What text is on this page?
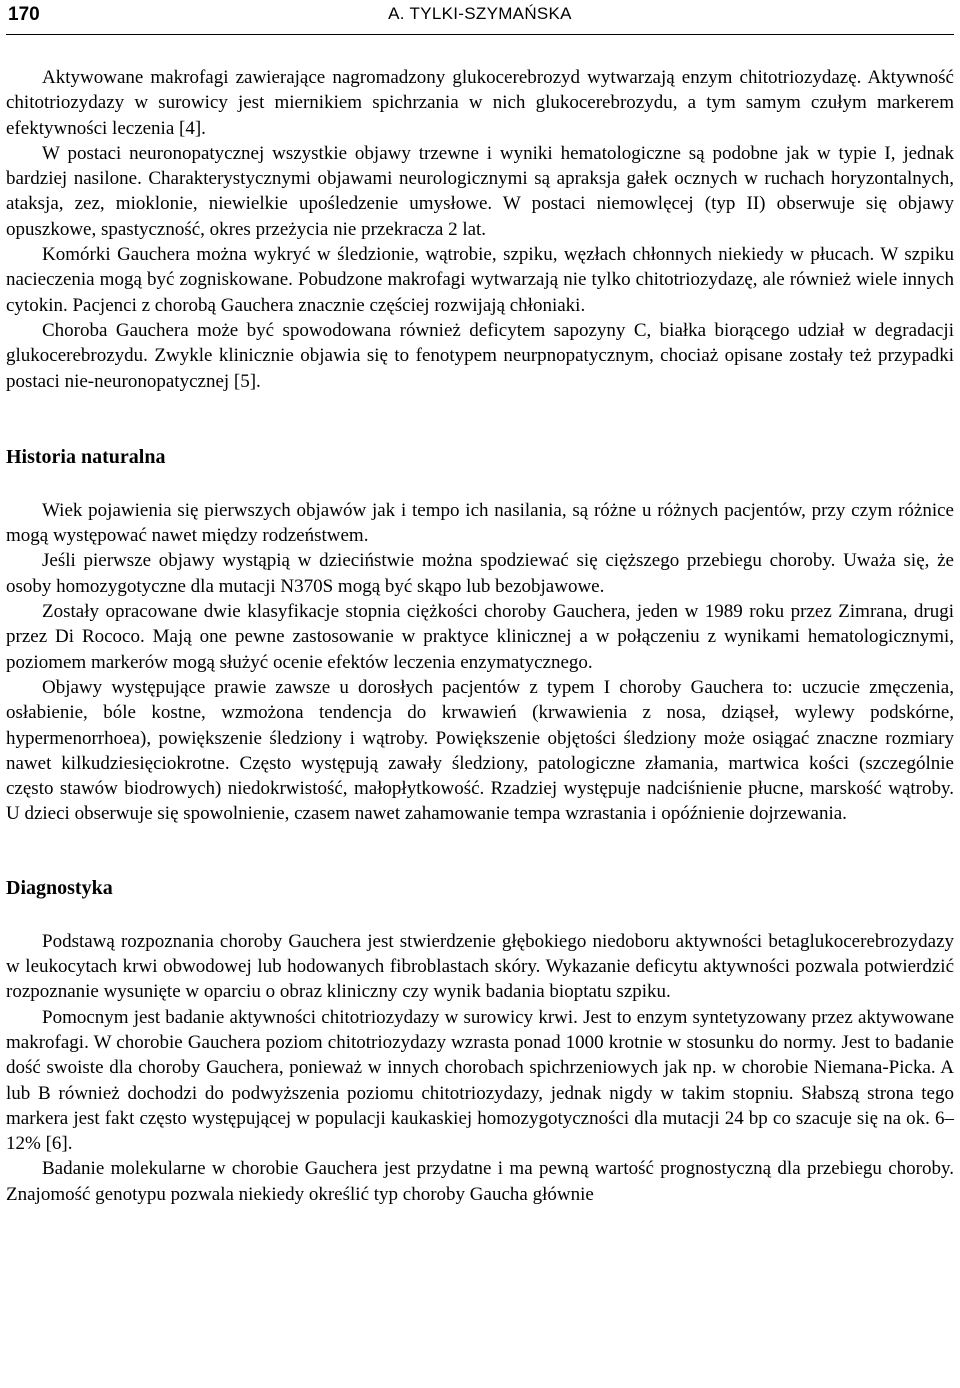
170	A. TYLKI-SZYMAŃSKA

Aktywowane makrofagi zawierające nagromadzony glukocerebrozyd wytwarzają enzym chitotriozydazę. Aktywność chitotriozydazy w surowicy jest miernikiem spichrzania w nich glukocerebrozydu, a tym samym czułym markerem efektywności leczenia [4].

W postaci neuronopatycznej wszystkie objawy trzewne i wyniki hematologiczne są podobne jak w typie I, jednak bardziej nasilone. Charakterystycznymi objawami neurologicznymi są apraksja gałek ocznych w ruchach horyzontalnych, ataksja, zez, mioklonie, niewielkie upośledzenie umysłowe. W postaci niemowlęcej (typ II) obserwuje się objawy opuszkowe, spastyczność, okres przeżycia nie przekracza 2 lat.

Komórki Gauchera można wykryć w śledzionie, wątrobie, szpiku, węzłach chłonnych niekiedy w płucach. W szpiku nacieczenia mogą być zogniskowane. Pobudzone makrofagi wytwarzają nie tylko chitotriozydazę, ale również wiele innych cytokin. Pacjenci z chorobą Gauchera znacznie częściej rozwijają chłoniaki.

Choroba Gauchera może być spowodowana również deficytem sapozyny C, białka biorącego udział w degradacji glukocerebrozydu. Zwykle klinicznie objawia się to fenotypem neurpnopatycznym, chociaż opisane zostały też przypadki postaci nie-neuronopatycznej [5].

Historia naturalna

Wiek pojawienia się pierwszych objawów jak i tempo ich nasilania, są różne u różnych pacjentów, przy czym różnice mogą występować nawet między rodzeństwem.

Jeśli pierwsze objawy wystąpią w dzieciństwie można spodziewać się cięższego przebiegu choroby. Uważa się, że osoby homozygotyczne dla mutacji N370S mogą być skąpo lub bezobjawowe.

Zostały opracowane dwie klasyfikacje stopnia ciężkości choroby Gauchera, jeden w 1989 roku przez Zimrana, drugi przez Di Rococo. Mają one pewne zastosowanie w praktyce klinicznej a w połączeniu z wynikami hematologicznymi, poziomem markerów mogą służyć ocenie efektów leczenia enzymatycznego.

Objawy występujące prawie zawsze u dorosłych pacjentów z typem I choroby Gauchera to: uczucie zmęczenia, osłabienie, bóle kostne, wzmożona tendencja do krwawień (krwawienia z nosa, dziąseł, wylewy podskórne, hypermenorrhoea), powiększenie śledziony i wątroby. Powiększenie objętości śledziony może osiągać znaczne rozmiary nawet kilkudziesięciokrotne. Często występują zawały śledziony, patologiczne złamania, martwica kości (szczególnie często stawów biodrowych) niedokrwistość, małopłytkowość. Rzadziej występuje nadciśnienie płucne, marskość wątroby. U dzieci obserwuje się spowolnienie, czasem nawet zahamowanie tempa wzrastania i opóźnienie dojrzewania.

Diagnostyka

Podstawą rozpoznania choroby Gauchera jest stwierdzenie głębokiego niedoboru aktywności betaglukocerebrozydazy w leukocytach krwi obwodowej lub hodowanych fibroblastach skóry. Wykazanie deficytu aktywności pozwala potwierdzić rozpoznanie wysunięte w oparciu o obraz kliniczny czy wynik badania bioptatu szpiku.

Pomocnym jest badanie aktywności chitotriozydazy w surowicy krwi. Jest to enzym syntetyzowany przez aktywowane makrofagi. W chorobie Gauchera poziom chitotriozydazy wzrasta ponad 1000 krotnie w stosunku do normy. Jest to badanie dość swoiste dla choroby Gauchera, ponieważ w innych chorobach spichrzeniowych jak np. w chorobie Niemana-Picka. A lub B również dochodzi do podwyższenia poziomu chitotriozydazy, jednak nigdy w takim stopniu. Słabszą strona tego markera jest fakt często występującej w populacji kaukaskiej homozygotyczności dla mutacji 24 bp co szacuje się na ok. 6–12% [6].

Badanie molekularne w chorobie Gauchera jest przydatne i ma pewną wartość prognostyczną dla przebiegu choroby. Znajomość genotypu pozwala niekiedy określić typ choroby Gaucha głównie
